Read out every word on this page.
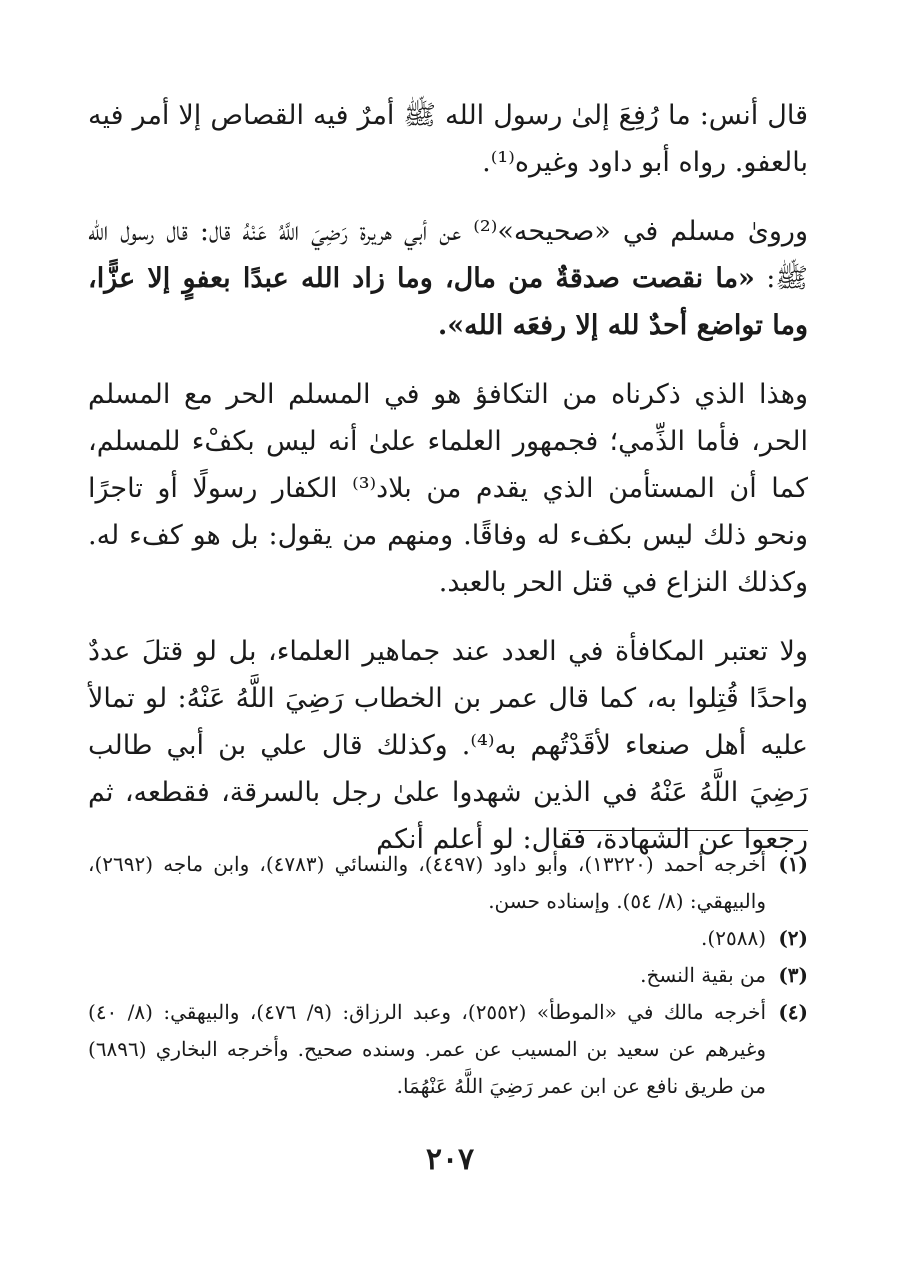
قال أنس: ما رُفِعَ إلىٰ رسول الله ﷺ أمرٌ فيه القصاص إلا أمر فيه بالعفو. رواه أبو داود وغيره⁽¹⁾.

وروىٰ مسلم في «صحيحه»⁽²⁾ عن أبي هريرة رَضِيَ اللَّهُ عَنْهُ قال: قال رسول الله ﷺ: «ما نقصت صدقةٌ من مال، وما زاد الله عبدًا بعفوٍ إلا عزًّا، وما تواضع أحدٌ لله إلا رفعَه الله».

وهذا الذي ذكرناه من التكافؤ هو في المسلم الحر مع المسلم الحر، فأما الذِّمي؛ فجمهور العلماء علىٰ أنه ليس بكفْء للمسلم، كما أن المستأمن الذي يقدم من بلاد⁽³⁾ الكفار رسولًا أو تاجرًا ونحو ذلك ليس بكفء له وفاقًا. ومنهم من يقول: بل هو كفء له. وكذلك النزاع في قتل الحر بالعبد.

ولا تعتبر المكافأة في العدد عند جماهير العلماء، بل لو قتلَ عددٌ واحدًا قُتِلوا به، كما قال عمر بن الخطاب رَضِيَ اللَّهُ عَنْهُ: لو تمالأ عليه أهل صنعاء لأقَدْتُهم به⁽⁴⁾. وكذلك قال علي بن أبي طالب رَضِيَ اللَّهُ عَنْهُ في الذين شهدوا علىٰ رجل بالسرقة، فقطعه، ثم رجعوا عن الشهادة، فقال: لو أعلم أنكم

(١)
أخرجه أحمد (١٣٢٢٠)، وأبو داود (٤٤٩٧)، والنسائي (٤٧٨٣)، وابن ماجه (٢٦٩٢)، والبيهقي: (٨/ ٥٤). وإسناده حسن.
(٢)
(٢٥٨٨).
(٣)
من بقية النسخ.
(٤)
أخرجه مالك في «الموطأ» (٢٥٥٢)، وعبد الرزاق: (٩/ ٤٧٦)، والبيهقي: (٨/ ٤٠) وغيرهم عن سعيد بن المسيب عن عمر. وسنده صحيح. وأخرجه البخاري (٦٨٩٦) من طريق نافع عن ابن عمر رَضِيَ اللَّهُ عَنْهُمَا.
٢٠٧
